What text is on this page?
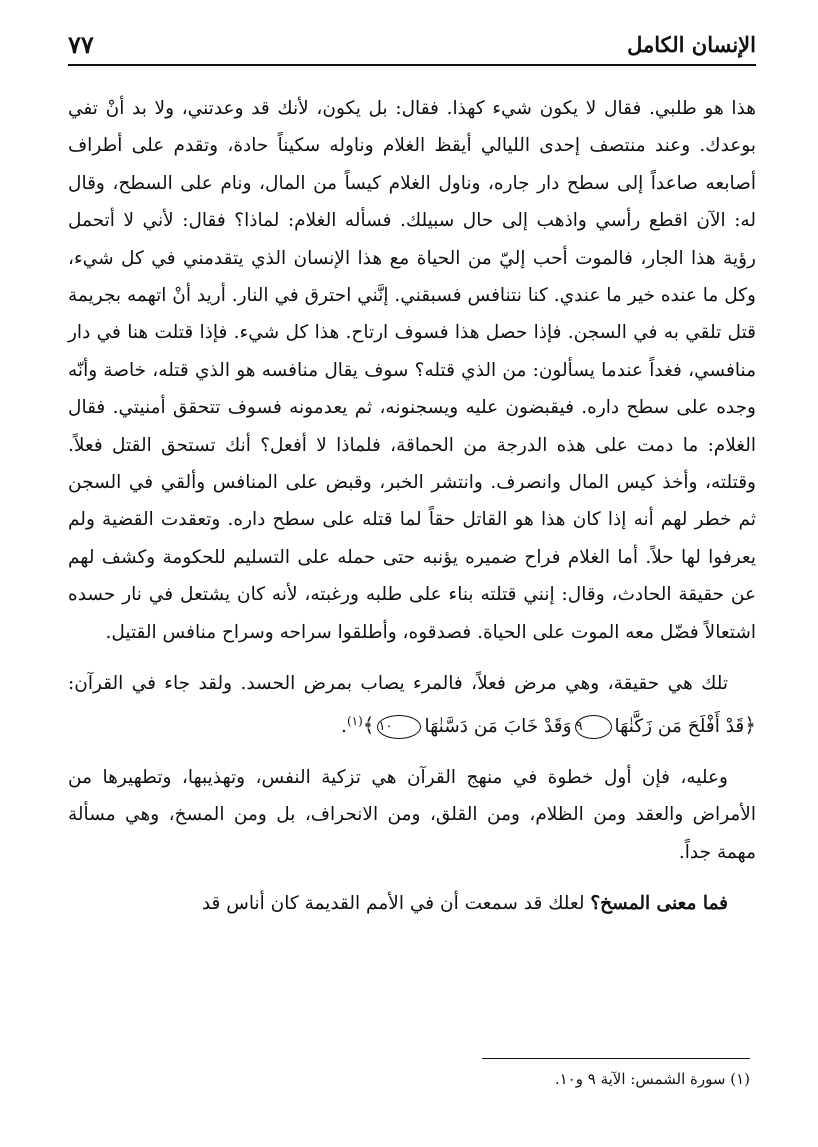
٧٧	الإنسان الكامل

هذا هو طلبي. فقال لا يكون شيء كهذا. فقال: بل يكون، لأنك قد وعدتني، ولا بد أنْ تفي بوعدك. وعند منتصف إحدى الليالي أيقظ الغلام وناوله سكيناً حادة، وتقدم على أطراف أصابعه صاعداً إلى سطح دار جاره، وناول الغلام كيساً من المال، ونام على السطح، وقال له: الآن اقطع رأسي واذهب إلى حال سبيلك. فسأله الغلام: لماذا؟ فقال: لأني لا أتحمل رؤية هذا الجار، فالموت أحب إليّ من الحياة مع هذا الإنسان الذي يتقدمني في كل شيء، وكل ما عنده خير ما عندي. كنا نتنافس فسبقني. إنَّني احترق في النار. أريد أنْ اتهمه بجريمة قتل تلقي به في السجن. فإذا حصل هذا فسوف ارتاح. هذا كل شيء. فإذا قتلت هنا في دار منافسي، فغداً عندما يسألون: من الذي قتله؟ سوف يقال منافسه هو الذي قتله، خاصة وأنّه وجده على سطح داره. فيقبضون عليه ويسجنونه، ثم يعدمونه فسوف تتحقق أمنيتي. فقال الغلام: ما دمت على هذه الدرجة من الحماقة، فلماذا لا أفعل؟ أنك تستحق القتل فعلاً. وقتلته، وأخذ كيس المال وانصرف. وانتشر الخبر، وقبض على المنافس وألقي في السجن ثم خطر لهم أنه إذا كان هذا هو القاتل حقاً لما قتله على سطح داره. وتعقدت القضية ولم يعرفوا لها حلاً. أما الغلام فراح ضميره يؤنبه حتى حمله على التسليم للحكومة وكشف لهم عن حقيقة الحادث، وقال: إنني قتلته بناء على طلبه ورغبته، لأنه كان يشتعل في نار حسده اشتعالاً فضّل معه الموت على الحياة. فصدقوه، وأطلقوا سراحه وسراح منافس القتيل.

تلك هي حقيقة، وهي مرض فعلاً، فالمرء يصاب بمرض الحسد. ولقد جاء في القرآن: ﴿قَدْ أَفْلَحَ مَن زَكَّنٰهَا٩وَقَدْ خَابَ مَن دَسَّنٰهَا١٠﴾$^{(١)}$.

وعليه، فإن أول خطوة في منهج القرآن هي تزكية النفس، وتهذيبها، وتطهيرها من الأمراض والعقد ومن الظلام، ومن القلق، ومن الانحراف، بل ومن المسخ، وهي مسألة مهمة جداً.

فما معنى المسخ؟ لعلك قد سمعت أن في الأمم القديمة كان أناس قد

(١) سورة الشمس: الآية ٩ و١٠.
